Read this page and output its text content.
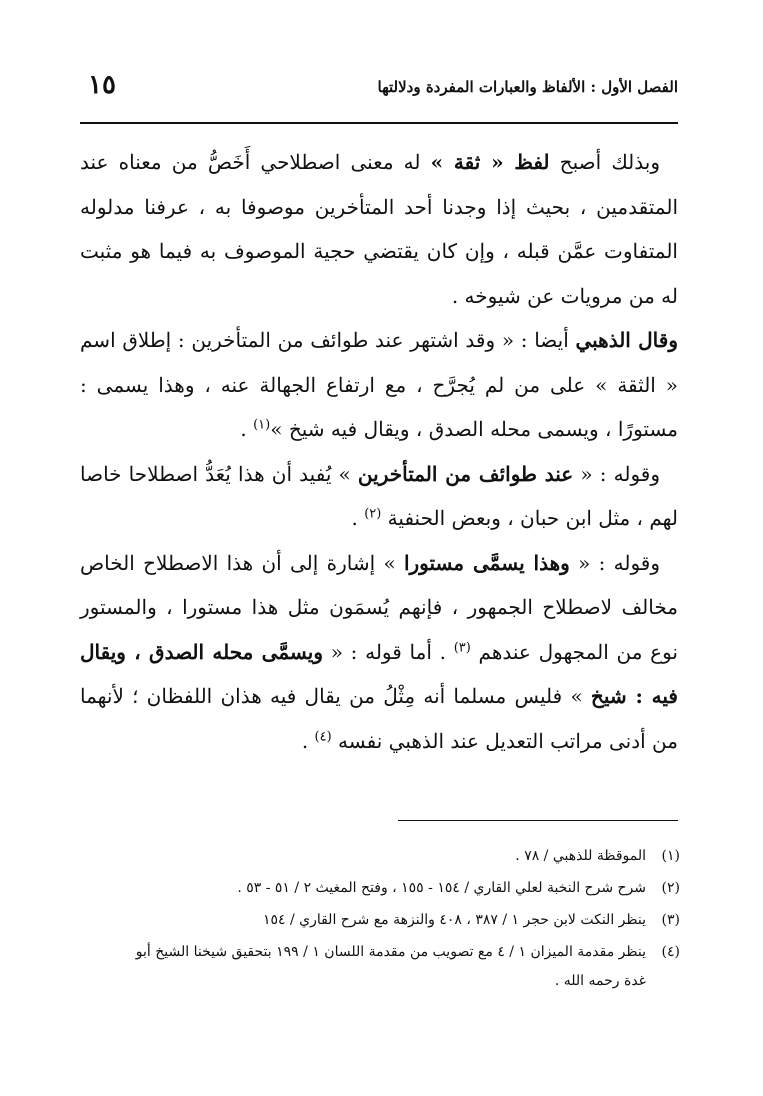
١٥	الفصل الأول : الألفاظ والعبارات المفردة ودلالتها

وبذلك أصبح لفظ « ثقة » له معنى اصطلاحي أَخَصُّ من معناه عند المتقدمين ، بحيث إذا وجدنا أحد المتأخرين موصوفا به ، عرفنا مدلوله المتفاوت عمَّن قبله ، وإن كان يقتضي حجية الموصوف به فيما هو مثبت له من مرويات عن شيوخه .

وقال الذهبي أيضا : « وقد اشتهر عند طوائف من المتأخرين : إطلاق اسم « الثقة » على من لم يُجرَّح ، مع ارتفاع الجهالة عنه ، وهذا يسمى : مستورًا ، ويسمى محله الصدق ، ويقال فيه شيخ »$^{(١)}$ .

وقوله : « عند طوائف من المتأخرين » يُفيد أن هذا يُعَدُّ اصطلاحا خاصا لهم ، مثل ابن حبان ، وبعض الحنفية $^{(٢)}$ .

وقوله : « وهذا يسمَّى مستورا » إشارة إلى أن هذا الاصطلاح الخاص مخالف لاصطلاح الجمهور ، فإنهم يُسمَون مثل هذا مستورا ، والمستور نوع من المجهول عندهم $^{(٣)}$ . أما قوله : « ويسمَّى محله الصدق ، ويقال فيه : شيخ » فليس مسلما أنه مِثْلُ من يقال فيه هذان اللفظان ؛ لأنهما من أدنى مراتب التعديل عند الذهبي نفسه $^{(٤)}$ .

(١)
الموقظة للذهبي / ٧٨ .

(٢)
شرح شرح النخبة لعلي القاري / ١٥٤ - ١٥٥ ، وفتح المغيث ٢ / ٥١ - ٥٣ .

(٣)
ينظر النكت لابن حجر ١ / ٣٨٧ ، ٤٠٨ والنزهة مع شرح القاري / ١٥٤

(٤)
ينظر مقدمة الميزان ١ / ٤ مع تصويب من مقدمة اللسان ١ / ١٩٩ بتحقيق شيخنا الشيخ أبو غدة رحمه الله .
